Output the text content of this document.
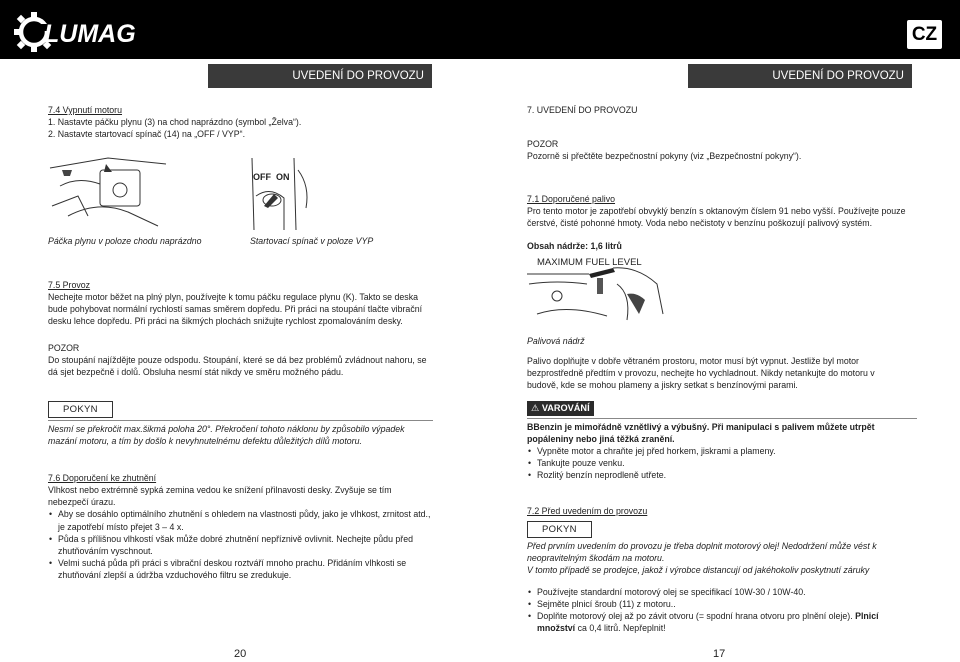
LUMAG	CZ
UVEDENÍ DO PROVOZU	UVEDENÍ DO PROVOZU

7.4 Vypnutí motoru

1. Nastavte páčku plynu (3) na chod naprázdno (symbol „Želva“).

2. Nastavte startovací spínač (14) na „OFF / VYP“.

OFF ON
Páčka plynu v poloze chodu naprázdno	Startovací spínač v poloze VYP

7.5 Provoz

Nechejte motor běžet na plný plyn, používejte k tomu páčku regulace plynu (K). Takto se deska bude pohybovat normální rychlostí samas směrem dopředu. Při práci na stoupání tlačte vibrační desku lehce dopředu. Při práci na šikmých plochách snižujte rychlost zpomalováním desky.

POZOR

Do stoupání najíždějte pouze odspodu. Stoupání, které se dá bez problémů zvládnout nahoru, se dá sjet bezpečně i dolů. Obsluha nesmí stát nikdy ve směru možného pádu.

POKYN

Nesmí se překročit max.šikmá poloha 20°. Překročení tohoto náklonu by způsobilo výpadek mazání motoru, a tím by došlo k nevyhnutelnému defektu důležitých dílů motoru.

7.6 Doporučení ke zhutnění

Vlhkost nebo extrémně sypká zemina vedou ke snížení přilnavosti desky. Zvyšuje se tím nebezpečí úrazu.

• Aby se dosáhlo optimálního zhutnění s ohledem na vlastnosti půdy, jako je vlhkost, zrnitost atd., je zapotřebí místo přejet 3 – 4 x.
• Půda s přílišnou vlhkostí však může dobré zhutnění nepříznivě ovlivnit. Nechejte půdu před zhutňováním vyschnout.
• Velmi suchá půda při práci s vibrační deskou roztváří mnoho prachu. Přidáním vlhkosti se zhutňování zlepší a údržba vzduchového filtru se zredukuje.
20
7. UVEDENÍ DO PROVOZU

POZOR

Pozorně si přečtěte bezpečnostní pokyny (viz „Bezpečnostní pokyny“).

7.1 Doporučené palivo

Pro tento motor je zapotřebí obvyklý benzín s oktanovým číslem 91 nebo vyšší. Používejte pouze čerstvé, čisté pohonné hmoty. Voda nebo nečistoty v benzínu poškozují palivový systém.

Obsah nádrže: 1,6 litrů

MAXIMUM FUEL LEVEL
Palivová nádrž
Palivo doplňujte v dobře větraném prostoru, motor musí být vypnut. Jestliže byl motor bezprostředně předtím v provozu, nechejte ho vychladnout. Nikdy netankujte do motoru v budově, kde se mohou plameny a jiskry setkat s benzínovými parami.
⚠ VAROVÁNÍ

BBenzin je mimořádně vznětlivý a výbušný. Při manipulaci s palivem můžete utrpět popáleniny nebo jiná těžká zranění.

• Vypněte motor a chraňte jej před horkem, jiskrami a plameny.
• Tankujte pouze venku.
• Rozlitý benzín neprodleně utřete.

7.2 Před uvedením do provozu

POKYN

Před prvním uvedením do provozu je třeba doplnit motorový olej! Nedodržení může vést k neopravitelným škodám na motoru.

V tomto případě se prodejce, jakož i výrobce distancují od jakéhokoliv poskytnutí záruky

• Používejte standardní motorový olej se specifikací 10W-30 / 10W-40.
• Sejměte plnicí šroub (11) z motoru..
• Doplňte motorový olej až po závit otvoru (= spodní hrana otvoru pro plnění oleje). Plnicí množství ca 0,4 litrů. Nepřeplnit!
17
